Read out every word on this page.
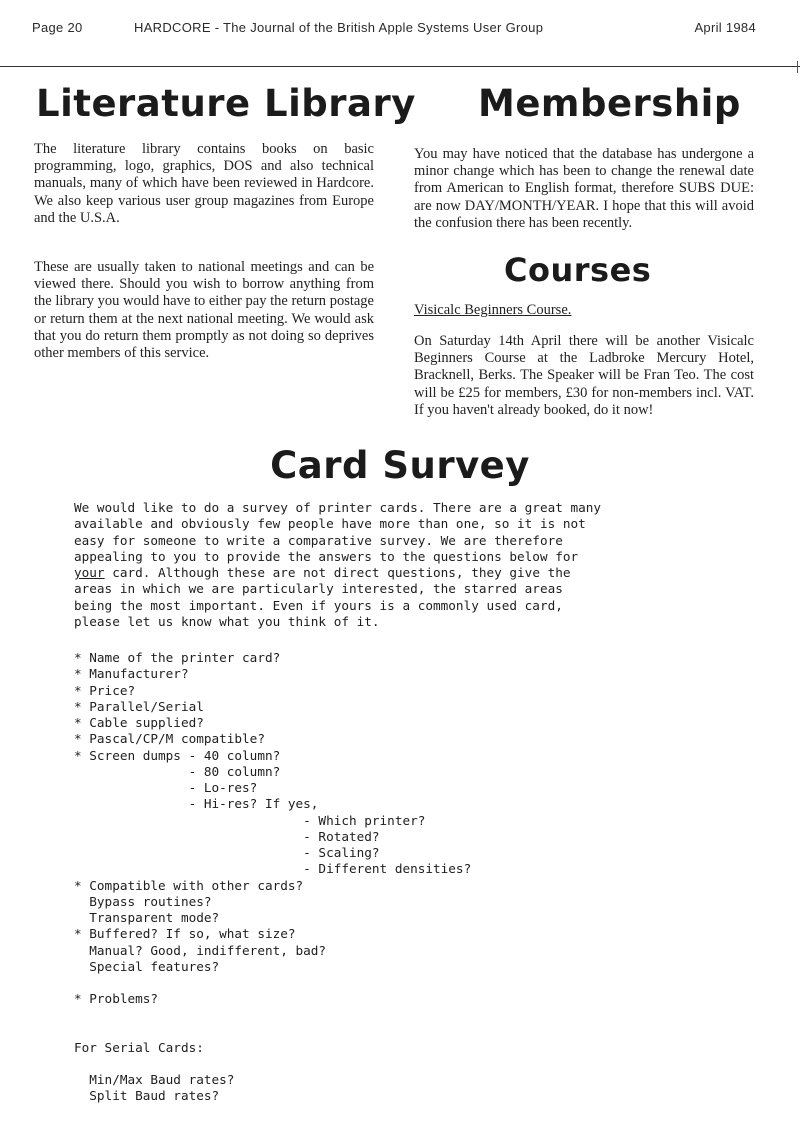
Page 20	HARDCORE - The Journal of the British Apple Systems User Group	April 1984
Literature Library

The literature library contains books on basic programming, logo, graphics, DOS and also technical manuals, many of which have been reviewed in Hardcore. We also keep various user group magazines from Europe and the U.S.A.

These are usually taken to national meetings and can be viewed there. Should you wish to borrow anything from the library you would have to either pay the return postage or return them at the next national meeting. We would ask that you do return them promptly as not doing so deprives other members of this service.

Membership

You may have noticed that the database has undergone a minor change which has been to change the renewal date from American to English format, therefore SUBS DUE: are now DAY/MONTH/YEAR. I hope that this will avoid the confusion there has been recently.

Courses

Visicalc Beginners Course.

On Saturday 14th April there will be another Visicalc Beginners Course at the Ladbroke Mercury Hotel, Bracknell, Berks. The Speaker will be Fran Teo. The cost will be £25 for members, £30 for non-members incl. VAT. If you haven't already booked, do it now!

Card Survey
We would like to do a survey of printer cards. There are a great many
available and obviously few people have more than one, so it is not
easy for someone to write a comparative survey. We are therefore
appealing to you to provide the answers to the questions below for
your card. Although these are not direct questions, they give the
areas in which we are particularly interested, the starred areas
being the most important. Even if yours is a commonly used card,
please let us know what you think of it.
* Name of the printer card?
* Manufacturer?
* Price?
* Parallel/Serial
* Cable supplied?
* Pascal/CP/M compatible?
* Screen dumps - 40 column?
- 80 column?
- Lo-res?
- Hi-res? If yes,
- Which printer?
- Rotated?
- Scaling?
- Different densities?
* Compatible with other cards?
Bypass routines?
Transparent mode?
* Buffered? If so, what size?
Manual? Good, indifferent, bad?
Special features?
* Problems?
For Serial Cards:
Min/Max Baud rates?
Split Baud rates?
